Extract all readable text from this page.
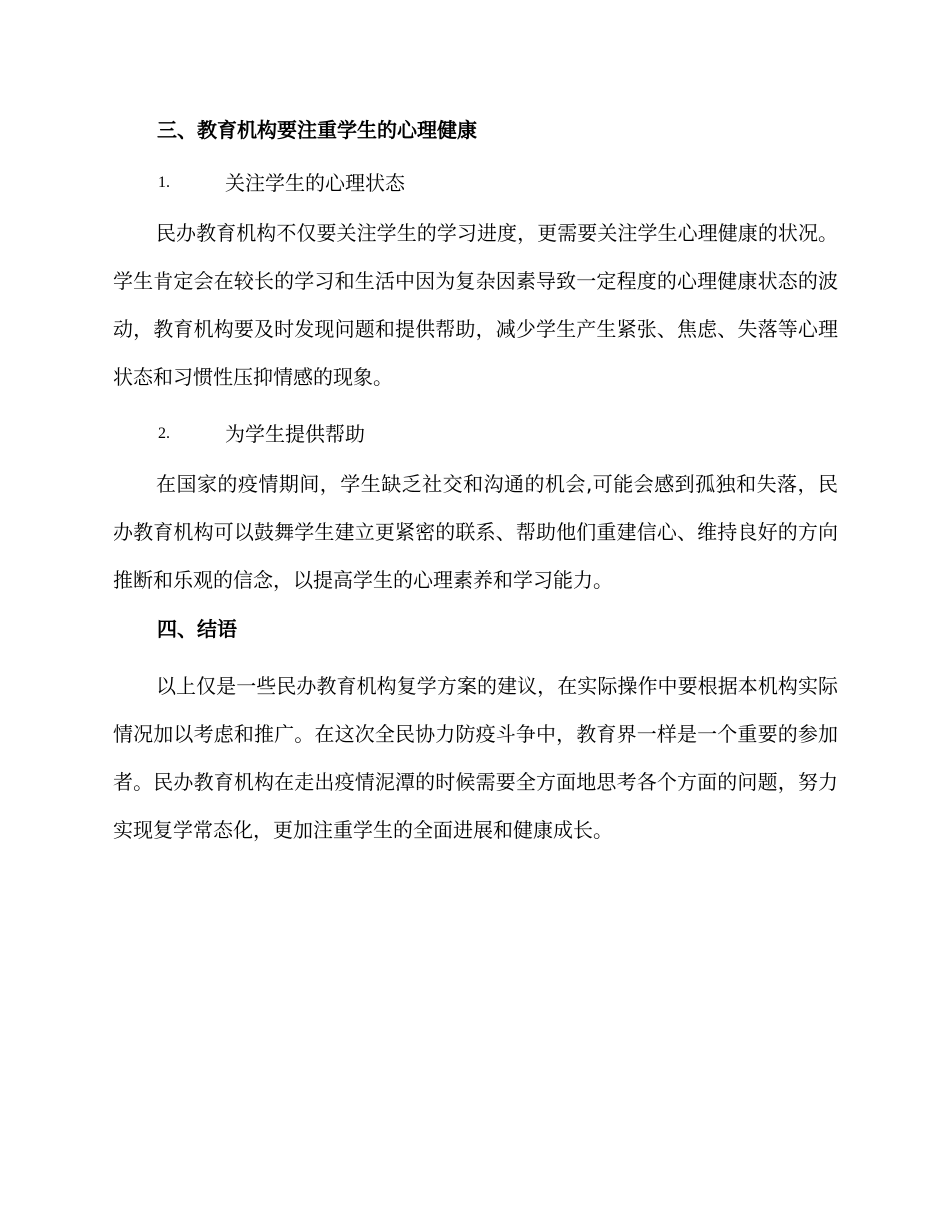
三、教育机构要注重学生的心理健康
1.	关注学生的心理状态

民办教育机构不仅要关注学生的学习进度，更需要关注学生心理健康的状况。学生肯定会在较长的学习和生活中因为复杂因素导致一定程度的心理健康状态的波动，教育机构要及时发现问题和提供帮助，减少学生产生紧张、焦虑、失落等心理状态和习惯性压抑情感的现象。

2.	为学生提供帮助

在国家的疫情期间，学生缺乏社交和沟通的机会,可能会感到孤独和失落，民办教育机构可以鼓舞学生建立更紧密的联系、帮助他们重建信心、维持良好的方向推断和乐观的信念，以提高学生的心理素养和学习能力。

四、结语

以上仅是一些民办教育机构复学方案的建议，在实际操作中要根据本机构实际情况加以考虑和推广。在这次全民协力防疫斗争中，教育界一样是一个重要的参加者。民办教育机构在走出疫情泥潭的时候需要全方面地思考各个方面的问题，努力实现复学常态化，更加注重学生的全面进展和健康成长。
